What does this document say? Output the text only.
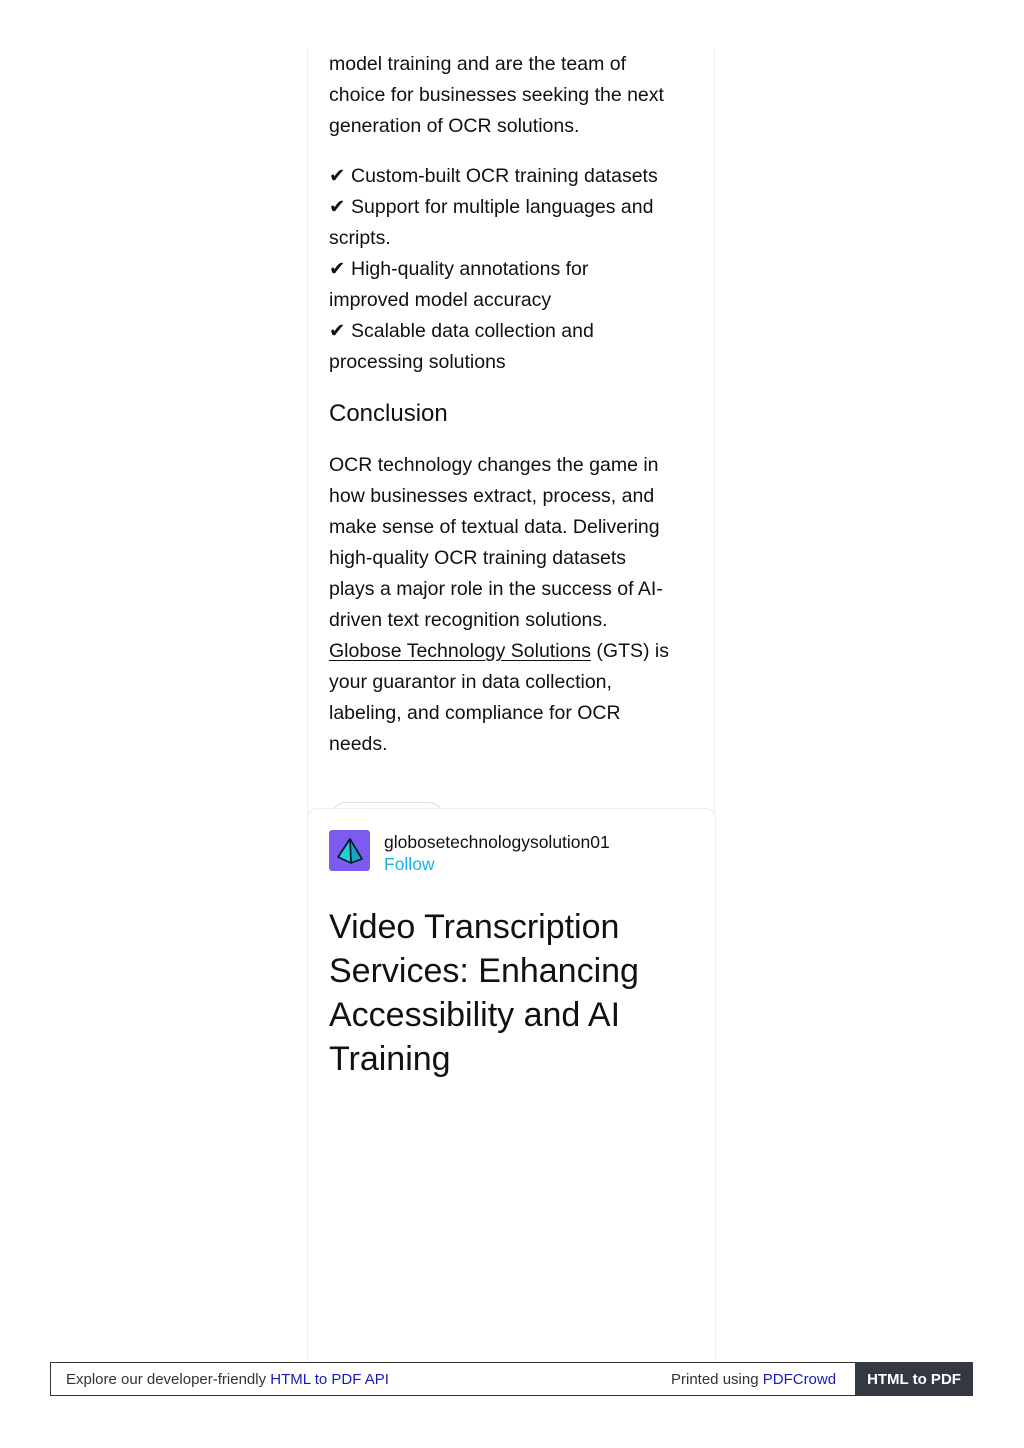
model training and are the team of
choice for businesses seeking the next
generation of OCR solutions.
✔ Custom-built OCR training datasets
✔ Support for multiple languages and
scripts.
✔ High-quality annotations for
improved model accuracy
✔ Scalable data collection and
processing solutions
Conclusion
OCR technology changes the game in
how businesses extract, process, and
make sense of textual data. Delivering
high-quality OCR training datasets
plays a major role in the success of AI-
driven text recognition solutions.
Globose Technology Solutions (GTS) is
your guarantor in data collection,
labeling, and compliance for OCR
needs.
globosetechnologysolution01
Follow
Video Transcription
Services: Enhancing
Accessibility and AI
Training
Explore our developer-friendly HTML to PDF API	Printed using PDFCrowd	HTML to PDF
